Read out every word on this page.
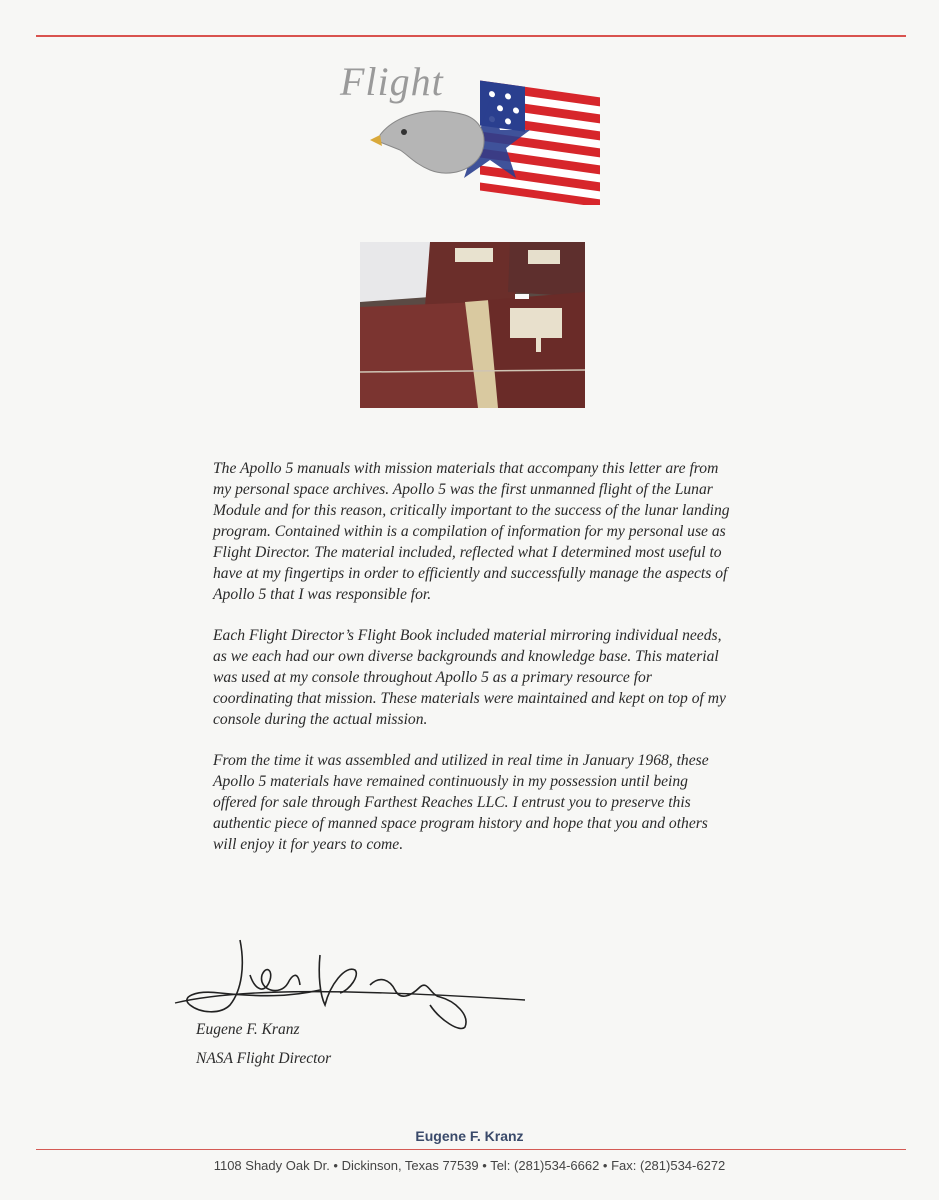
Flight

The Apollo 5 manuals with mission materials that accompany this letter are from my personal space archives. Apollo 5 was the first unmanned flight of the Lunar Module and for this reason, critically important to the success of the lunar landing program. Contained within is a compilation of information for my personal use as Flight Director. The material included, reflected what I determined most useful to have at my fingertips in order to efficiently and successfully manage the aspects of Apollo 5 that I was responsible for.

Each Flight Director’s Flight Book included material mirroring individual needs, as we each had our own diverse backgrounds and knowledge base. This material was used at my console throughout Apollo 5 as a primary resource for coordinating that mission. These materials were maintained and kept on top of my console during the actual mission.

From the time it was assembled and utilized in real time in January 1968, these Apollo 5 materials have remained continuously in my possession until being offered for sale through Farthest Reaches LLC. I entrust you to preserve this authentic piece of manned space program history and hope that you and others will enjoy it for years to come.

Eugene F. Kranz
NASA Flight Director
Eugene F. Kranz
1108 Shady Oak Dr. • Dickinson, Texas 77539 • Tel: (281)534-6662 • Fax: (281)534-6272
